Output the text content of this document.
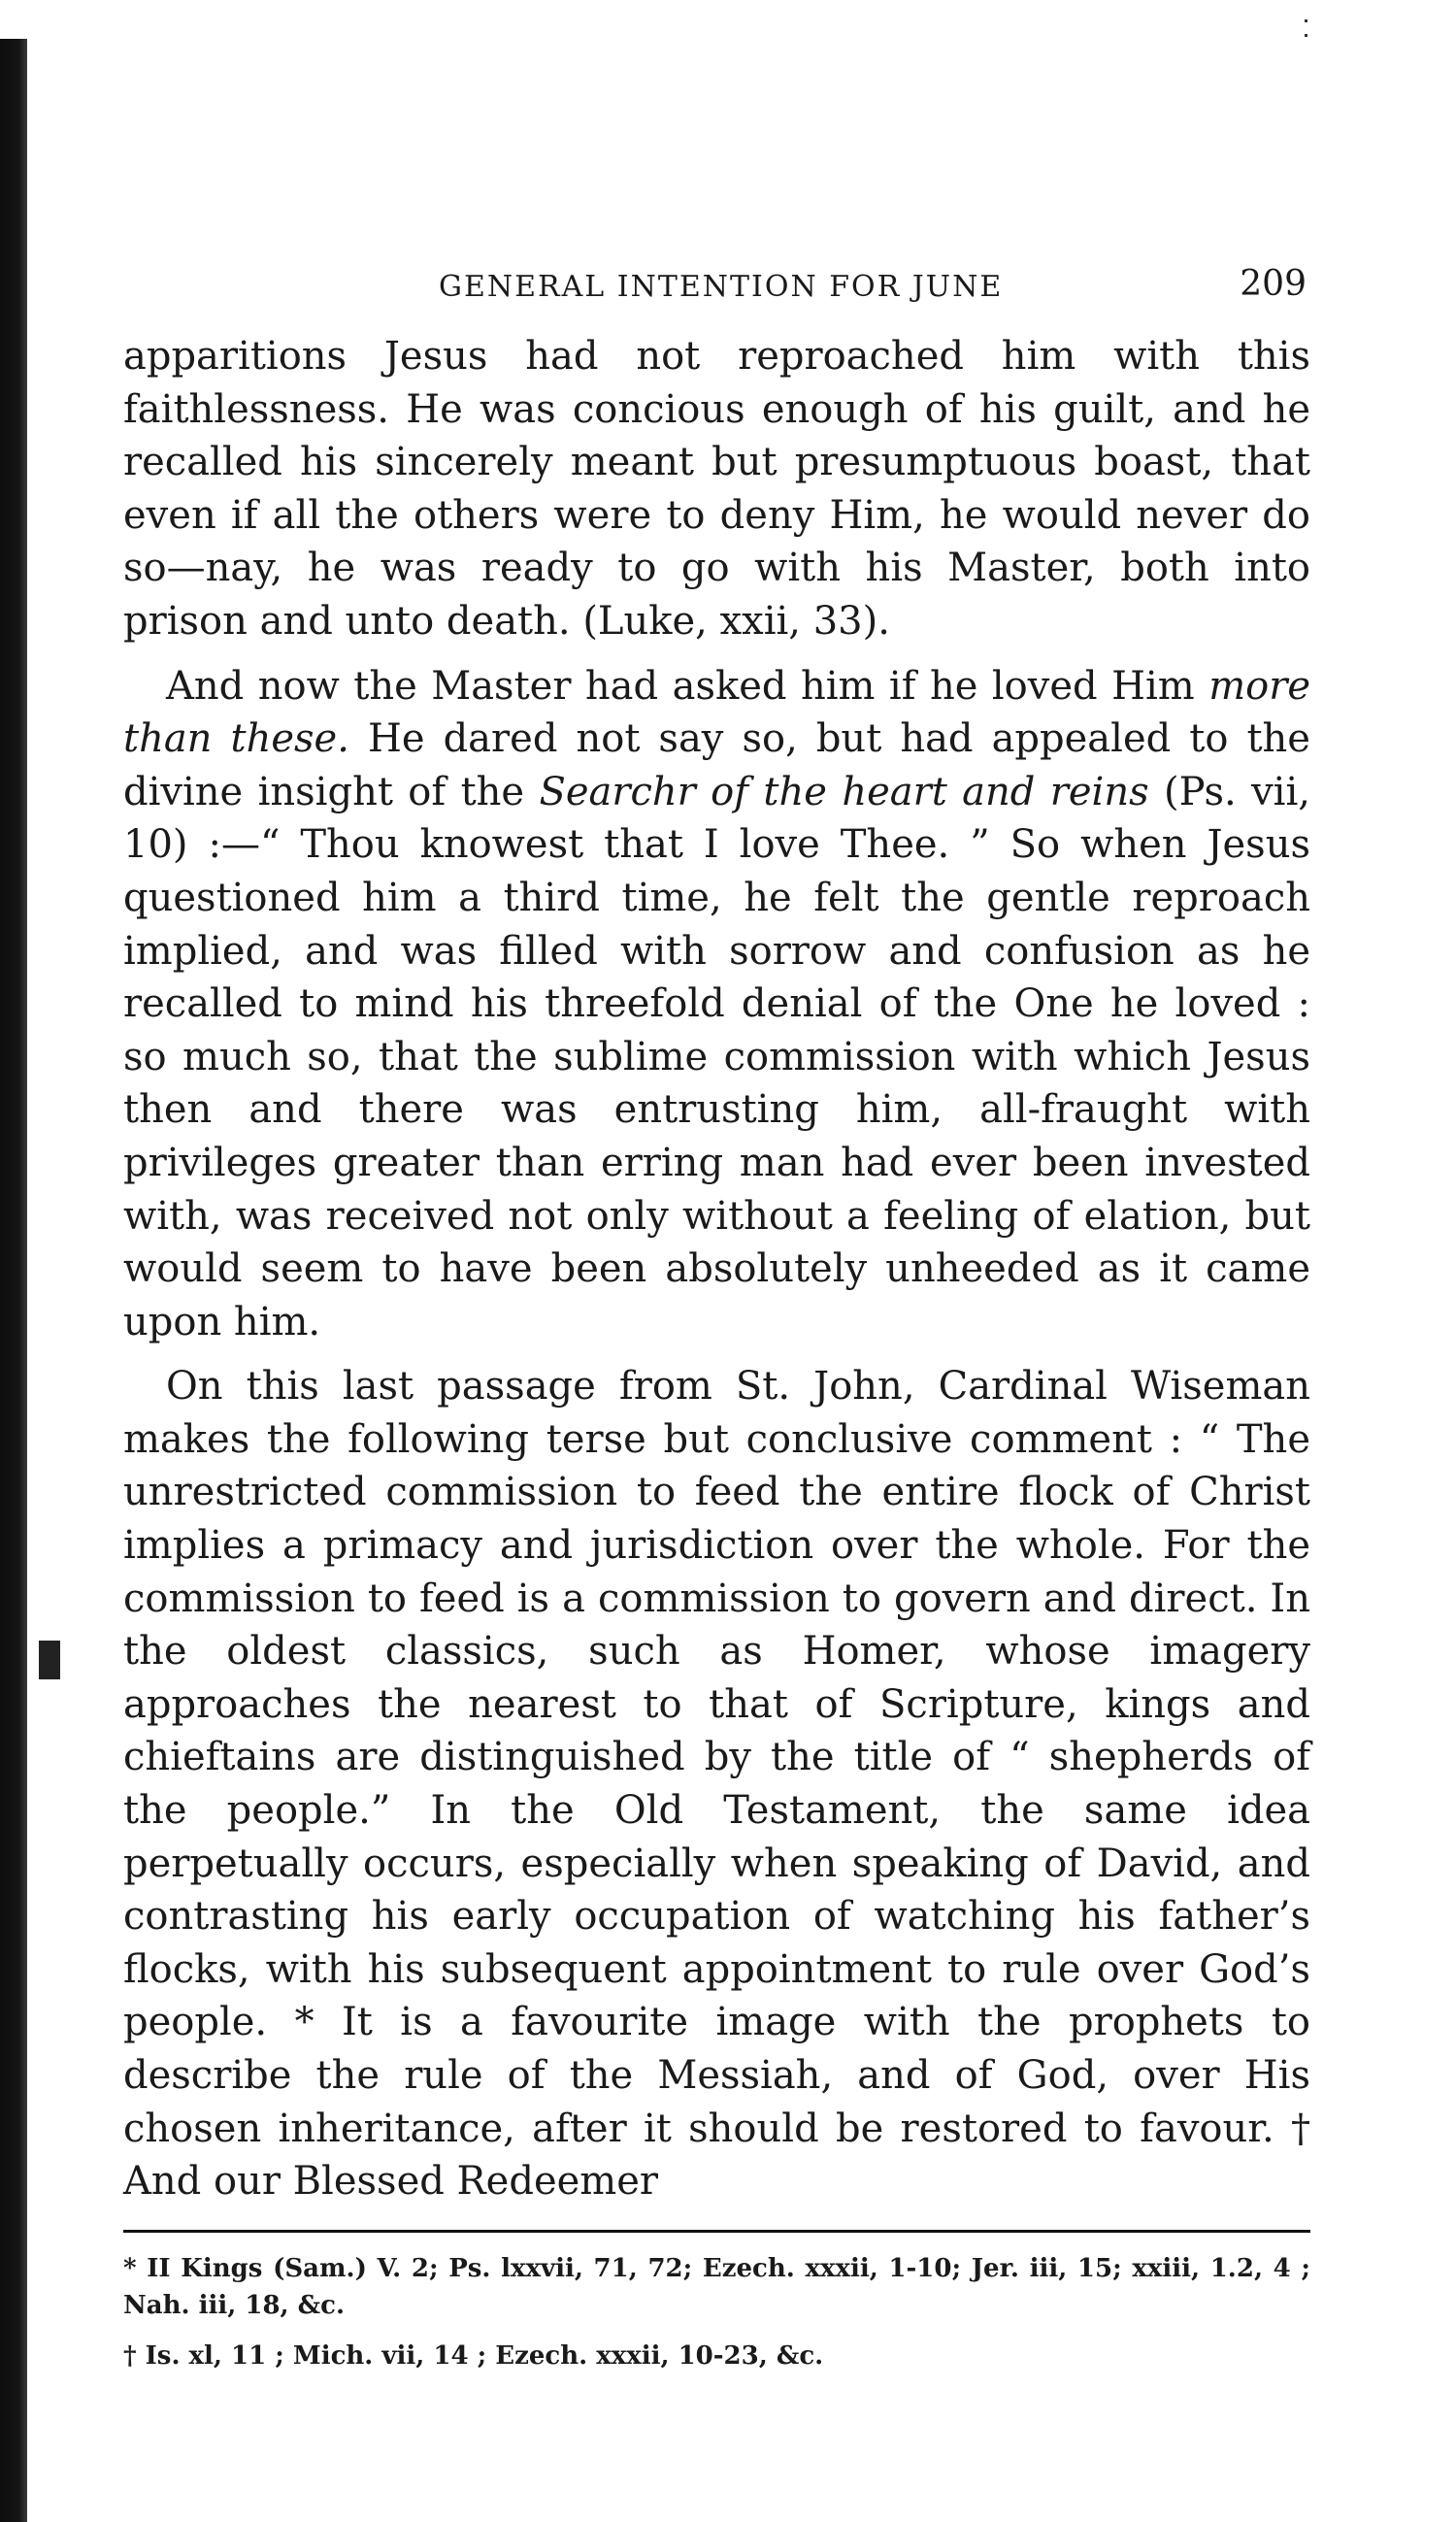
GENERAL INTENTION FOR JUNE	209

apparitions Jesus had not reproached him with this faithlessness. He was concious enough of his guilt, and he recalled his sincerely meant but presumptuous boast, that even if all the others were to deny Him, he would never do so—nay, he was ready to go with his Master, both into prison and unto death. (Luke, xxii, 33).

And now the Master had asked him if he loved Him more than these. He dared not say so, but had appealed to the divine insight of the Searchr of the heart and reins (Ps. vii, 10) :—“ Thou knowest that I love Thee. ” So when Jesus questioned him a third time, he felt the gentle reproach implied, and was filled with sorrow and confusion as he recalled to mind his threefold denial of the One he loved : so much so, that the sublime commission with which Jesus then and there was entrusting him, all-fraught with privileges greater than erring man had ever been invested with, was received not only without a feeling of elation, but would seem to have been absolutely unheeded as it came upon him.

On this last passage from St. John, Cardinal Wiseman makes the following terse but conclusive comment : “ The unrestricted commission to feed the entire flock of Christ implies a primacy and jurisdiction over the whole. For the commission to feed is a commission to govern and direct. In the oldest classics, such as Homer, whose imagery approaches the nearest to that of Scripture, kings and chieftains are distinguished by the title of “ shepherds of the people.” In the Old Testament, the same idea perpetually occurs, especially when speaking of David, and contrasting his early occupation of watching his father’s flocks, with his subsequent appointment to rule over God’s people. * It is a favourite image with the prophets to describe the rule of the Messiah, and of God, over His chosen inheritance, after it should be restored to favour. † And our Blessed Redeemer

* II Kings (Sam.) V. 2; Ps. lxxvii, 71, 72; Ezech. xxxii, 1-10; Jer. iii, 15; xxiii, 1.2, 4 ; Nah. iii, 18, &c.

† Is. xl, 11 ; Mich. vii, 14 ; Ezech. xxxii, 10-23, &c.
